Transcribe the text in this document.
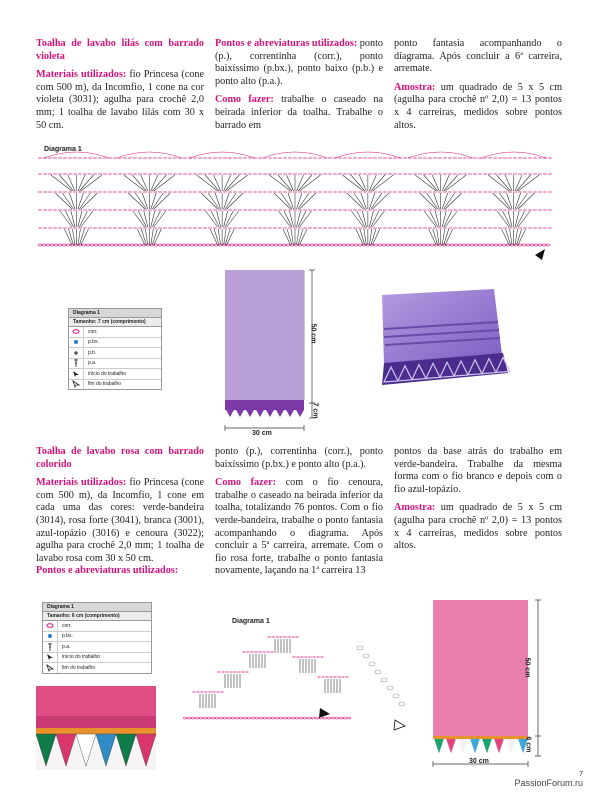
Toalha de lavabo lilás com barrado violeta

Materiais utilizados: fio Princesa (cone com 500 m), da Incomfio, 1 cone na cor violeta (3031); agulha para crochê 2,0 mm; 1 toalha de lavabo lilás com 30 x 50 cm.

Pontos e abreviaturas utilizados: ponto (p.), correntinha (corr.), ponto baixíssimo (p.bx.), ponto baixo (p.b.) e ponto alto (p.a.).

Como fazer: trabalhe o caseado na beirada inferior da toalha. Trabalhe o barrado em

ponto fantasia acompanhando o diagrama. Após concluir a 6ª carreira, arremate.

Amostra: um quadrado de 5 x 5 cm (agulha para crochê nº 2,0) = 13 pontos x 4 carreiras, medidos sobre pontos altos.

Diagrama 1
Diagrama 1
Tamanho: 7 cm (comprimento)
corr.
p.bx.
p.b.
p.a.
início do trabalho
fim do trabalho
50 cm
7 cm
30 cm

Toalha de lavabo rosa com barrado colorido

Materiais utilizados: fio Princesa (cone com 500 m), da Incomfio, 1 cone em cada uma das cores: verde-bandeira (3014), rosa forte (3041), branca (3001), azul-topázio (3016) e cenoura (3022); agulha para crochê 2,0 mm; 1 toalha de lavabo rosa com 30 x 50 cm.

Pontos e abreviaturas utilizados:

ponto (p.), correntinha (corr.), ponto baixíssimo (p.bx.) e ponto alto (p.a.).

Como fazer: com o fio cenoura, trabalhe o caseado na beirada inferior da toalha, totalizando 76 pontos. Com o fio verde-bandeira, trabalhe o ponto fantasia acompanhando o diagrama. Após concluir a 5ª carreira, arremate. Com o fio rosa forte, trabalhe o ponto fantasia novamente, laçando na 1ª carreira 13

pontos da base atrás do trabalho em verde-bandeira. Trabalhe da mesma forma com o fio branco e depois com o fio azul-topázio.

Amostra: um quadrado de 5 x 5 cm (agulha para crochê nº 2,0) = 13 pontos x 4 carreiras, medidos sobre pontos altos.

Diagrama 1
Tamanho: 6 cm (comprimento)
corr.
p.bx.
p.a.
início do trabalho
fim do trabalho
Diagrama 1
50 cm
6 cm
30 cm
7
PassionForum.ru
